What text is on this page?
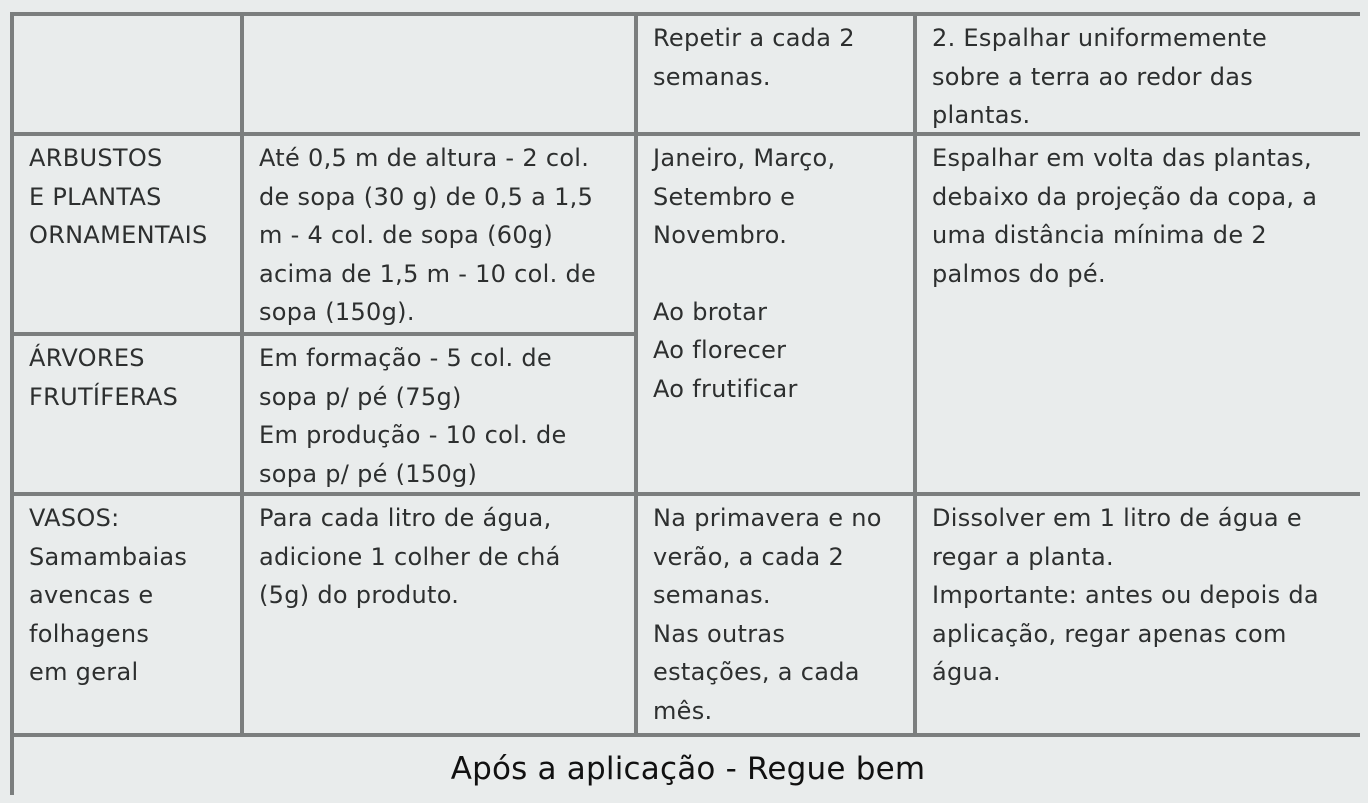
Repetir a cada 2
semanas.
2. Espalhar uniformemente
sobre a terra ao redor das
plantas.
ARBUSTOS
E PLANTAS
ORNAMENTAIS
Até 0,5 m de altura - 2 col.
de sopa (30 g) de 0,5 a 1,5
m - 4 col. de sopa (60g)
acima de 1,5 m - 10 col. de
sopa (150g).
Janeiro, Março,
Setembro e
Novembro.
Ao brotar
Ao florecer
Ao frutificar
Espalhar em volta das plantas,
debaixo da projeção da copa, a
uma distância mínima de 2
palmos do pé.
ÁRVORES
FRUTÍFERAS
Em formação - 5 col. de
sopa p/ pé (75g)
Em produção - 10 col. de
sopa p/ pé (150g)
VASOS:
Samambaias
avencas e
folhagens
em geral
Para cada litro de água,
adicione 1 colher de chá
(5g) do produto.
Na primavera e no
verão, a cada 2
semanas.
Nas outras
estações, a cada
mês.
Dissolver em 1 litro de água e
regar a planta.
Importante: antes ou depois da
aplicação, regar apenas com
água.
Após a aplicação - Regue bem
